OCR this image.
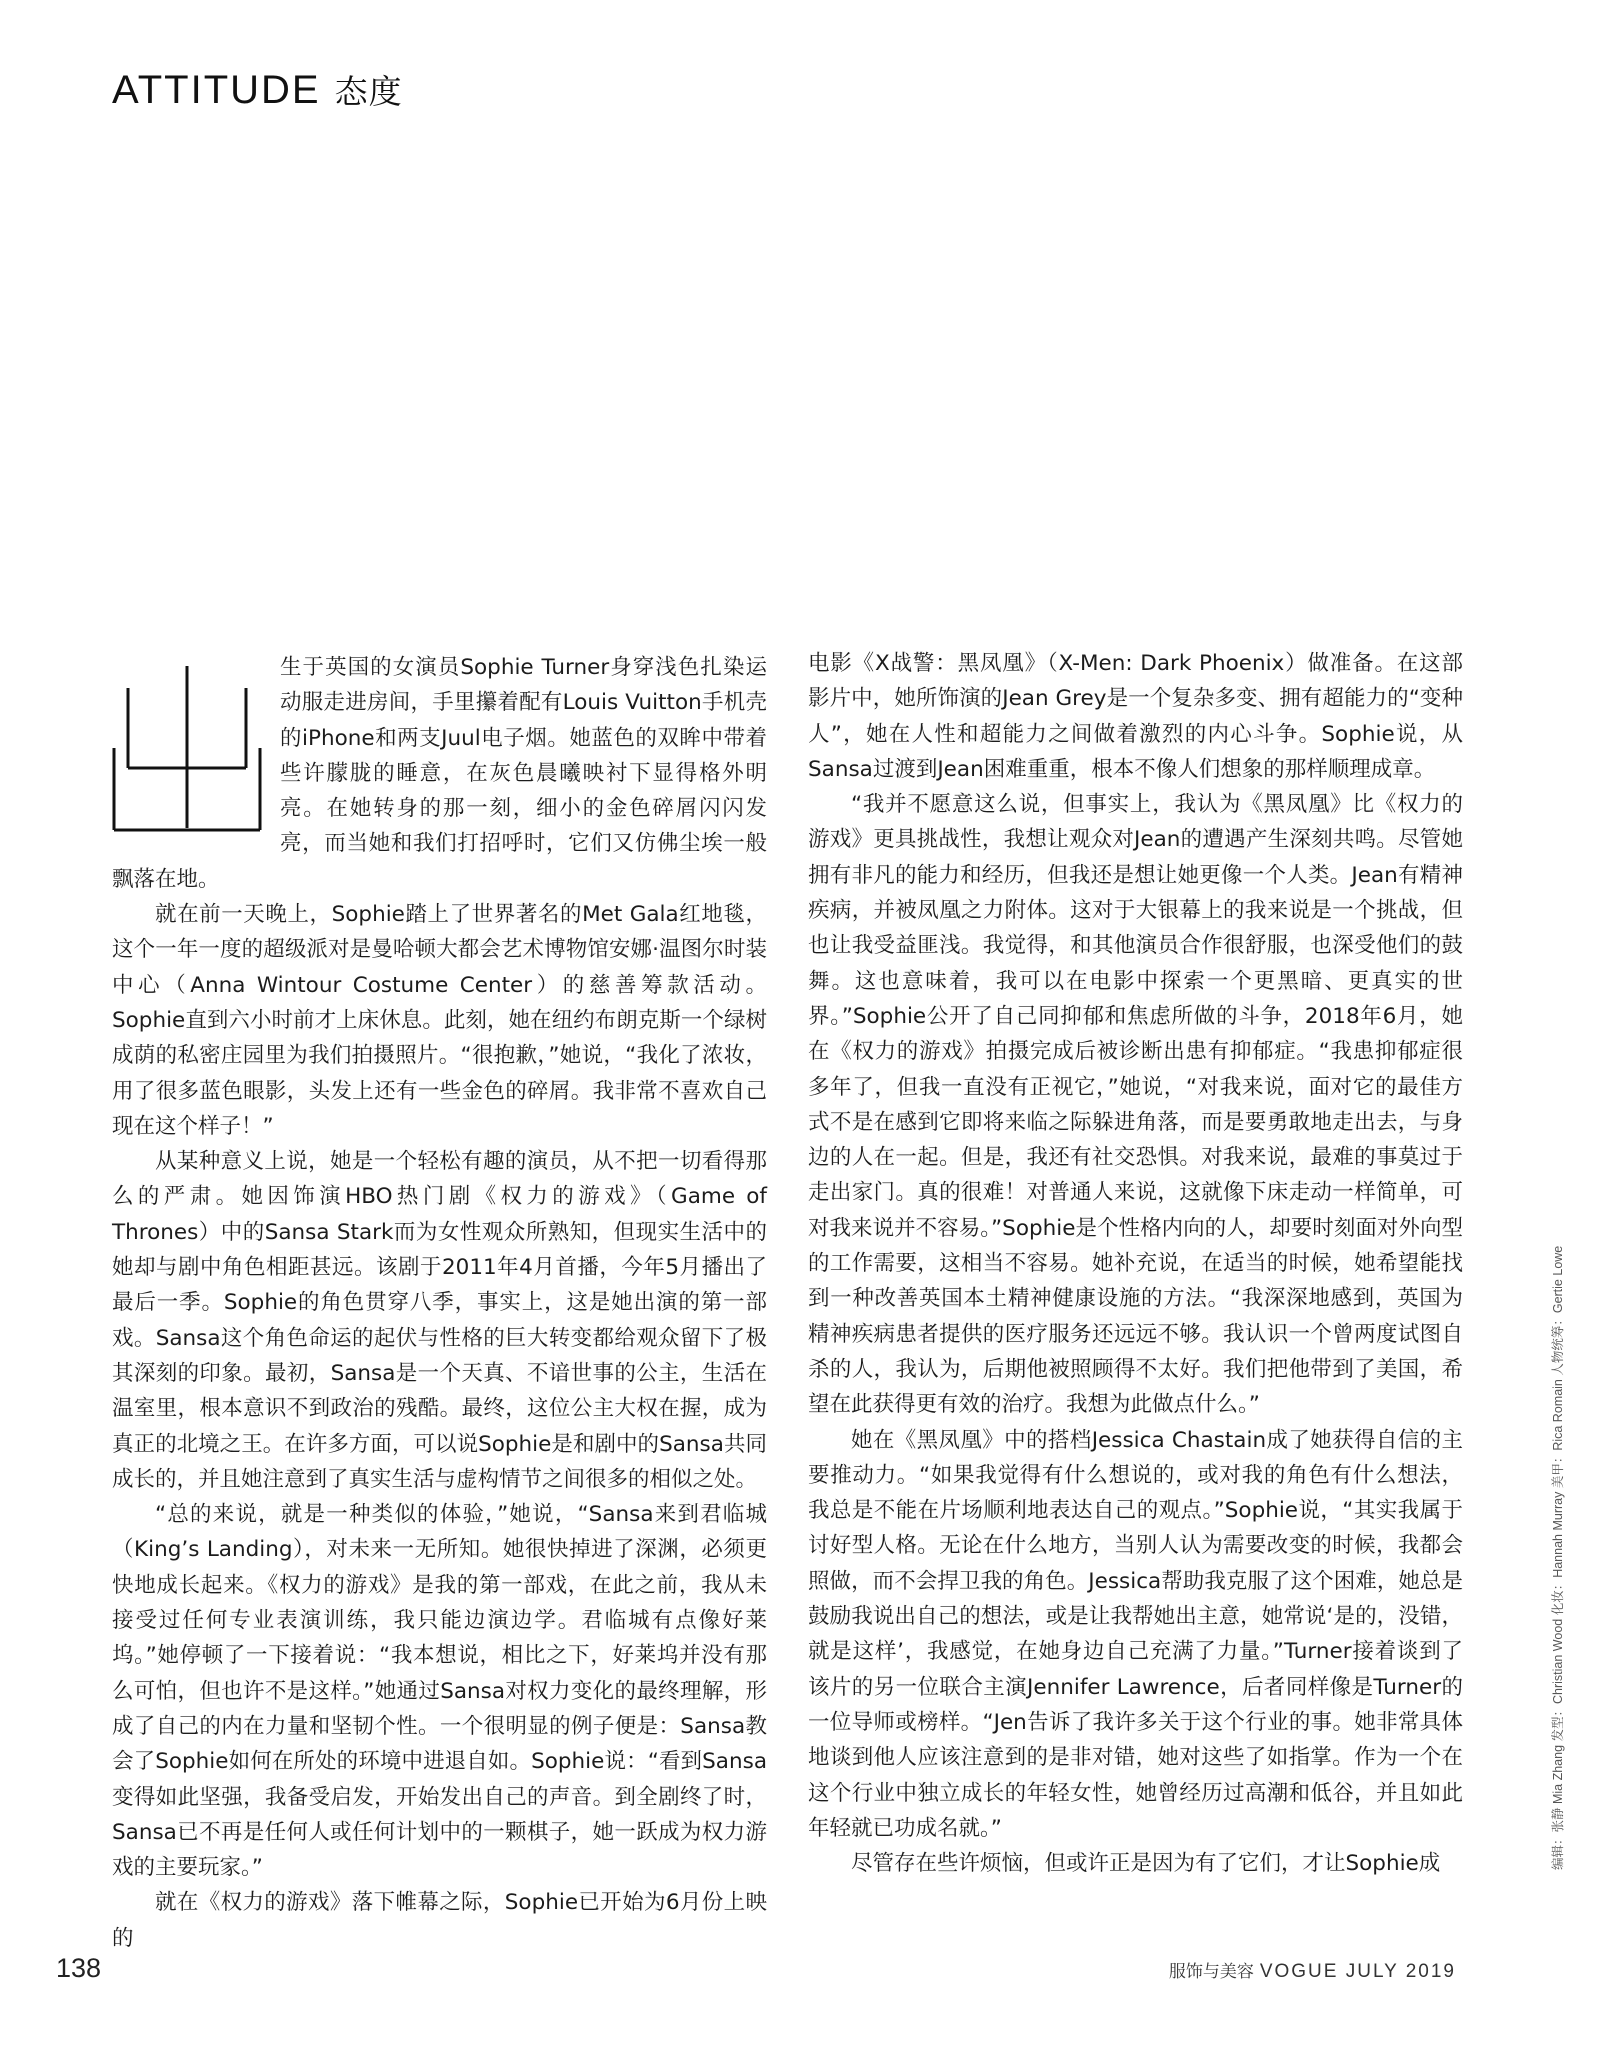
ATTITUDE 态度

生于英国的女演员Sophie Turner身穿浅色扎染运动服走进房间，手里攥着配有Louis Vuitton手机壳的iPhone和两支Juul电子烟。她蓝色的双眸中带着些许朦胧的睡意，在灰色晨曦映衬下显得格外明亮。在她转身的那一刻，细小的金色碎屑闪闪发亮，而当她和我们打招呼时，它们又仿佛尘埃一般飘落在地。

就在前一天晚上，Sophie踏上了世界著名的Met Gala红地毯，这个一年一度的超级派对是曼哈顿大都会艺术博物馆安娜·温图尔时装中心（Anna Wintour Costume Center）的慈善筹款活动。Sophie直到六小时前才上床休息。此刻，她在纽约布朗克斯一个绿树成荫的私密庄园里为我们拍摄照片。“很抱歉，”她说，“我化了浓妆，用了很多蓝色眼影，头发上还有一些金色的碎屑。我非常不喜欢自己现在这个样子！”

从某种意义上说，她是一个轻松有趣的演员，从不把一切看得那么的严肃。她因饰演HBO热门剧《权力的游戏》（Game of Thrones）中的Sansa Stark而为女性观众所熟知，但现实生活中的她却与剧中角色相距甚远。该剧于2011年4月首播，今年5月播出了最后一季。Sophie的角色贯穿八季，事实上，这是她出演的第一部戏。Sansa这个角色命运的起伏与性格的巨大转变都给观众留下了极其深刻的印象。最初，Sansa是一个天真、不谙世事的公主，生活在温室里，根本意识不到政治的残酷。最终，这位公主大权在握，成为真正的北境之王。在许多方面，可以说Sophie是和剧中的Sansa共同成长的，并且她注意到了真实生活与虚构情节之间很多的相似之处。

“总的来说，就是一种类似的体验，”她说，“Sansa来到君临城（King’s Landing），对未来一无所知。她很快掉进了深渊，必须更快地成长起来。《权力的游戏》是我的第一部戏，在此之前，我从未接受过任何专业表演训练，我只能边演边学。君临城有点像好莱坞。”她停顿了一下接着说：“我本想说，相比之下，好莱坞并没有那么可怕，但也许不是这样。”她通过Sansa对权力变化的最终理解，形成了自己的内在力量和坚韧个性。一个很明显的例子便是：Sansa教会了Sophie如何在所处的环境中进退自如。Sophie说：“看到Sansa变得如此坚强，我备受启发，开始发出自己的声音。到全剧终了时，Sansa已不再是任何人或任何计划中的一颗棋子，她一跃成为权力游戏的主要玩家。”

就在《权力的游戏》落下帷幕之际，Sophie已开始为6月份上映的

电影《X战警：黑凤凰》（X-Men: Dark Phoenix）做准备。在这部影片中，她所饰演的Jean Grey是一个复杂多变、拥有超能力的“变种人”，她在人性和超能力之间做着激烈的内心斗争。Sophie说，从Sansa过渡到Jean困难重重，根本不像人们想象的那样顺理成章。

“我并不愿意这么说，但事实上，我认为《黑凤凰》比《权力的游戏》更具挑战性，我想让观众对Jean的遭遇产生深刻共鸣。尽管她拥有非凡的能力和经历，但我还是想让她更像一个人类。Jean有精神疾病，并被凤凰之力附体。这对于大银幕上的我来说是一个挑战，但也让我受益匪浅。我觉得，和其他演员合作很舒服，也深受他们的鼓舞。这也意味着，我可以在电影中探索一个更黑暗、更真实的世界。”Sophie公开了自己同抑郁和焦虑所做的斗争，2018年6月，她在《权力的游戏》拍摄完成后被诊断出患有抑郁症。“我患抑郁症很多年了，但我一直没有正视它，”她说，“对我来说，面对它的最佳方式不是在感到它即将来临之际躲进角落，而是要勇敢地走出去，与身边的人在一起。但是，我还有社交恐惧。对我来说，最难的事莫过于走出家门。真的很难！对普通人来说，这就像下床走动一样简单，可对我来说并不容易。”Sophie是个性格内向的人，却要时刻面对外向型的工作需要，这相当不容易。她补充说，在适当的时候，她希望能找到一种改善英国本土精神健康设施的方法。“我深深地感到，英国为精神疾病患者提供的医疗服务还远远不够。我认识一个曾两度试图自杀的人，我认为，后期他被照顾得不太好。我们把他带到了美国，希望在此获得更有效的治疗。我想为此做点什么。”

她在《黑凤凰》中的搭档Jessica Chastain成了她获得自信的主要推动力。“如果我觉得有什么想说的，或对我的角色有什么想法，我总是不能在片场顺利地表达自己的观点。”Sophie说，“其实我属于讨好型人格。无论在什么地方，当别人认为需要改变的时候，我都会照做，而不会捍卫我的角色。Jessica帮助我克服了这个困难，她总是鼓励我说出自己的想法，或是让我帮她出主意，她常说‘是的，没错，就是这样’，我感觉，在她身边自己充满了力量。”Turner接着谈到了该片的另一位联合主演Jennifer Lawrence，后者同样像是Turner的一位导师或榜样。“Jen告诉了我许多关于这个行业的事。她非常具体地谈到他人应该注意到的是非对错，她对这些了如指掌。作为一个在这个行业中独立成长的年轻女性，她曾经历过高潮和低谷，并且如此年轻就已功成名就。”

尽管存在些许烦恼，但或许正是因为有了它们，才让Sophie成	编辑：张静 Mia Zhang 发型：Christian Wood 化妆：Hannah Murray 美甲：Rica Romain 人物统筹：Gertie Lowe
138	服饰与美容 VOGUE JULY 2019
